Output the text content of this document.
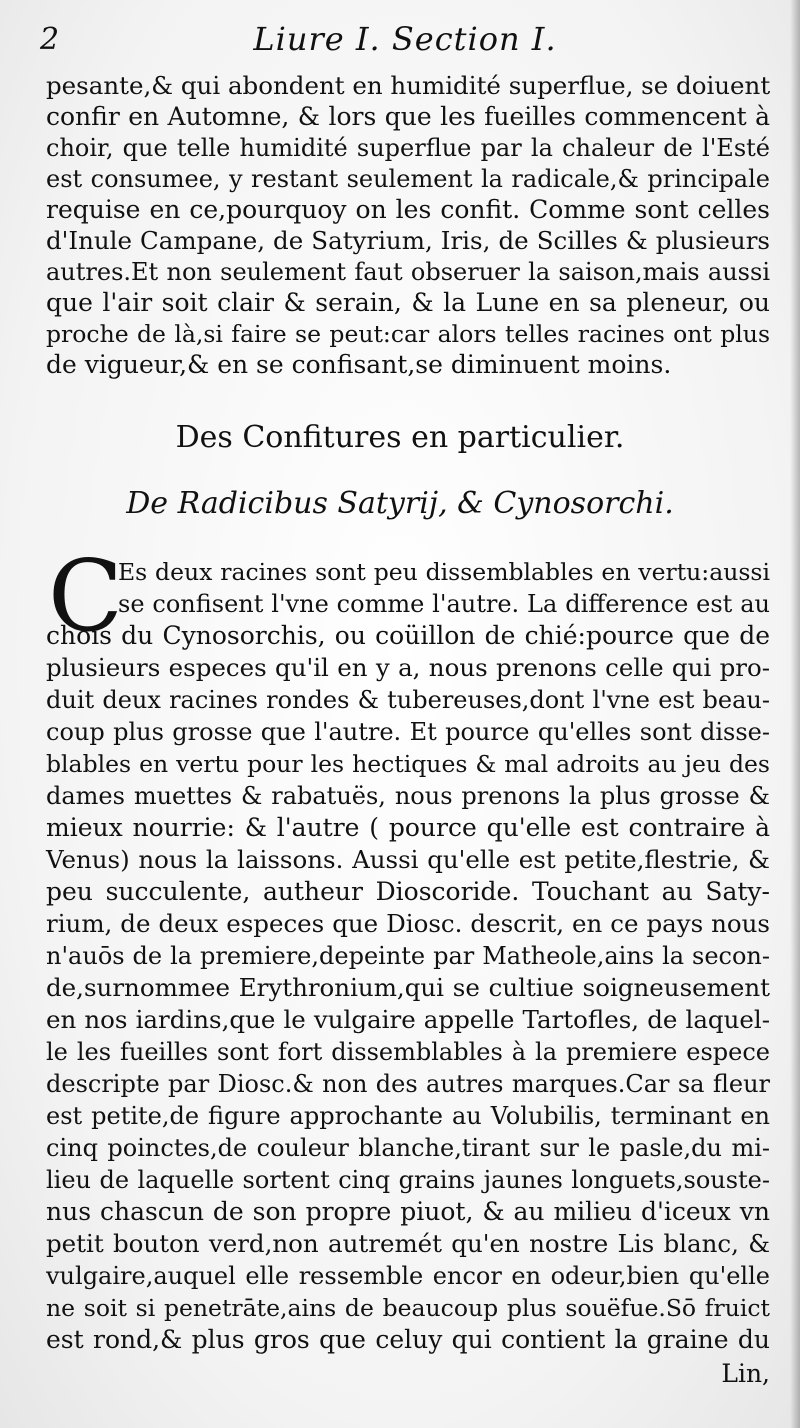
2	Liure I. Section I.
pesante,& qui abondent en humidité superflue, se doiuent
confir en Automne, & lors que les fueilles commencent à
choir, que telle humidité superflue par la chaleur de l'Esté
est consumee, y restant seulement la radicale,& principale
requise en ce,pourquoy on les confit. Comme sont celles
d'Inule Campane, de Satyrium, Iris, de Scilles & plusieurs
autres.Et non seulement faut obseruer la saison,mais aussi
que l'air soit clair & serain, & la Lune en sa pleneur, ou
proche de là,si faire se peut:car alors telles racines ont plus
de vigueur,& en se confisant,se diminuent moins.
Des Confitures en particulier.
De Radicibus Satyrij, & Cynosorchi.
C
Es deux racines sont peu dissemblables en vertu:aussi
se confisent l'vne comme l'autre. La difference est au
chois du Cynosorchis, ou coüillon de chié:pource que de
plusieurs especes qu'il en y a, nous prenons celle qui pro-
duit deux racines rondes & tubereuses,dont l'vne est beau-
coup plus grosse que l'autre. Et pource qu'elles sont disse-
blables en vertu pour les hectiques & mal adroits au jeu des
dames muettes & rabatuës, nous prenons la plus grosse &
mieux nourrie: & l'autre ( pource qu'elle est contraire à
Venus) nous la laissons. Aussi qu'elle est petite,flestrie, &
peu succulente, autheur Dioscoride. Touchant au Saty-
rium, de deux especes que Diosc. descrit, en ce pays nous
n'auōs de la premiere,depeinte par Matheole,ains la secon-
de,surnommee Erythronium,qui se cultiue soigneusement
en nos iardins,que le vulgaire appelle Tartofles, de laquel-
le les fueilles sont fort dissemblables à la premiere espece
descripte par Diosc.& non des autres marques.Car sa fleur
est petite,de figure approchante au Volubilis, terminant en
cinq poinctes,de couleur blanche,tirant sur le pasle,du mi-
lieu de laquelle sortent cinq grains jaunes longuets,souste-
nus chascun de son propre piuot, & au milieu d'iceux vn
petit bouton verd,non autremét qu'en nostre Lis blanc, &
vulgaire,auquel elle ressemble encor en odeur,bien qu'elle
ne soit si penetrāte,ains de beaucoup plus souëfue.Sō fruict
est rond,& plus gros que celuy qui contient la graine du
Lin,
